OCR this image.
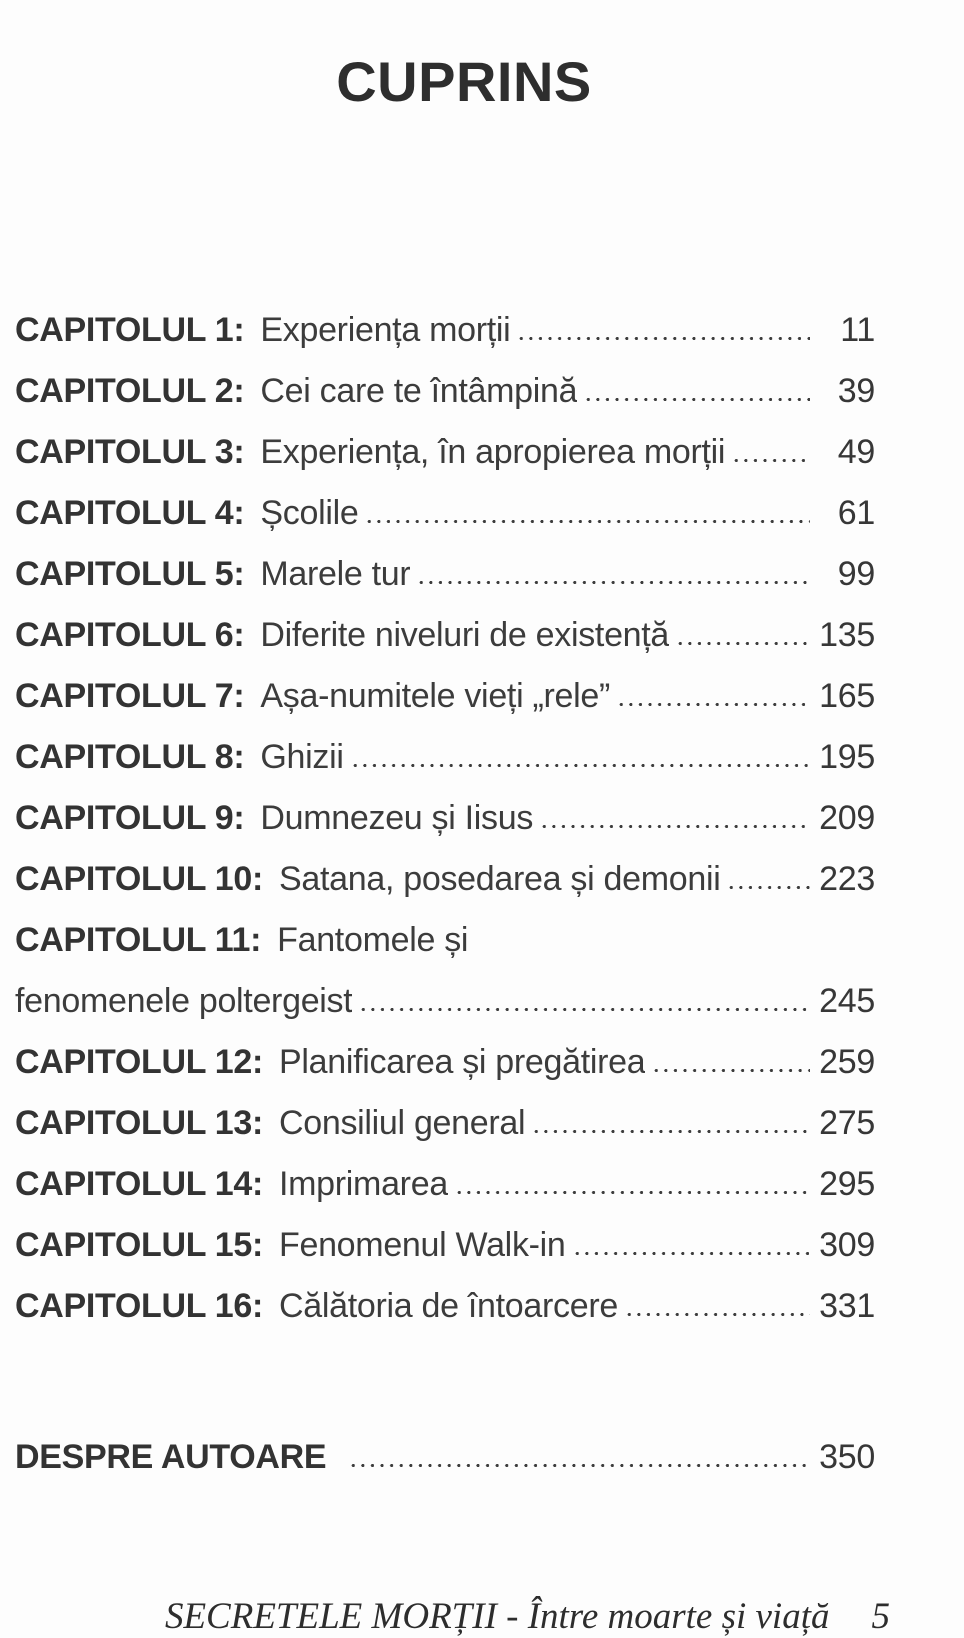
CUPRINS
CAPITOLUL 1: Experiența morții	11
CAPITOLUL 2: Cei care te întâmpină	39
CAPITOLUL 3: Experiența, în apropierea morții	49
CAPITOLUL 4: Școlile	61
CAPITOLUL 5: Marele tur	99
CAPITOLUL 6: Diferite niveluri de existență	135
CAPITOLUL 7: Așa-numitele vieți „rele”	165
CAPITOLUL 8: Ghizii	195
CAPITOLUL 9: Dumnezeu și Iisus	209
CAPITOLUL 10: Satana, posedarea și demonii	223
CAPITOLUL 11: Fantomele și
fenomenele poltergeist	245
CAPITOLUL 12: Planificarea și pregătirea	259
CAPITOLUL 13: Consiliul general	275
CAPITOLUL 14: Imprimarea	295
CAPITOLUL 15: Fenomenul Walk-in	309
CAPITOLUL 16: Călătoria de întoarcere	331
DESPRE AUTOARE	350
SECRETELE MORȚII - Între moarte și viață 5
